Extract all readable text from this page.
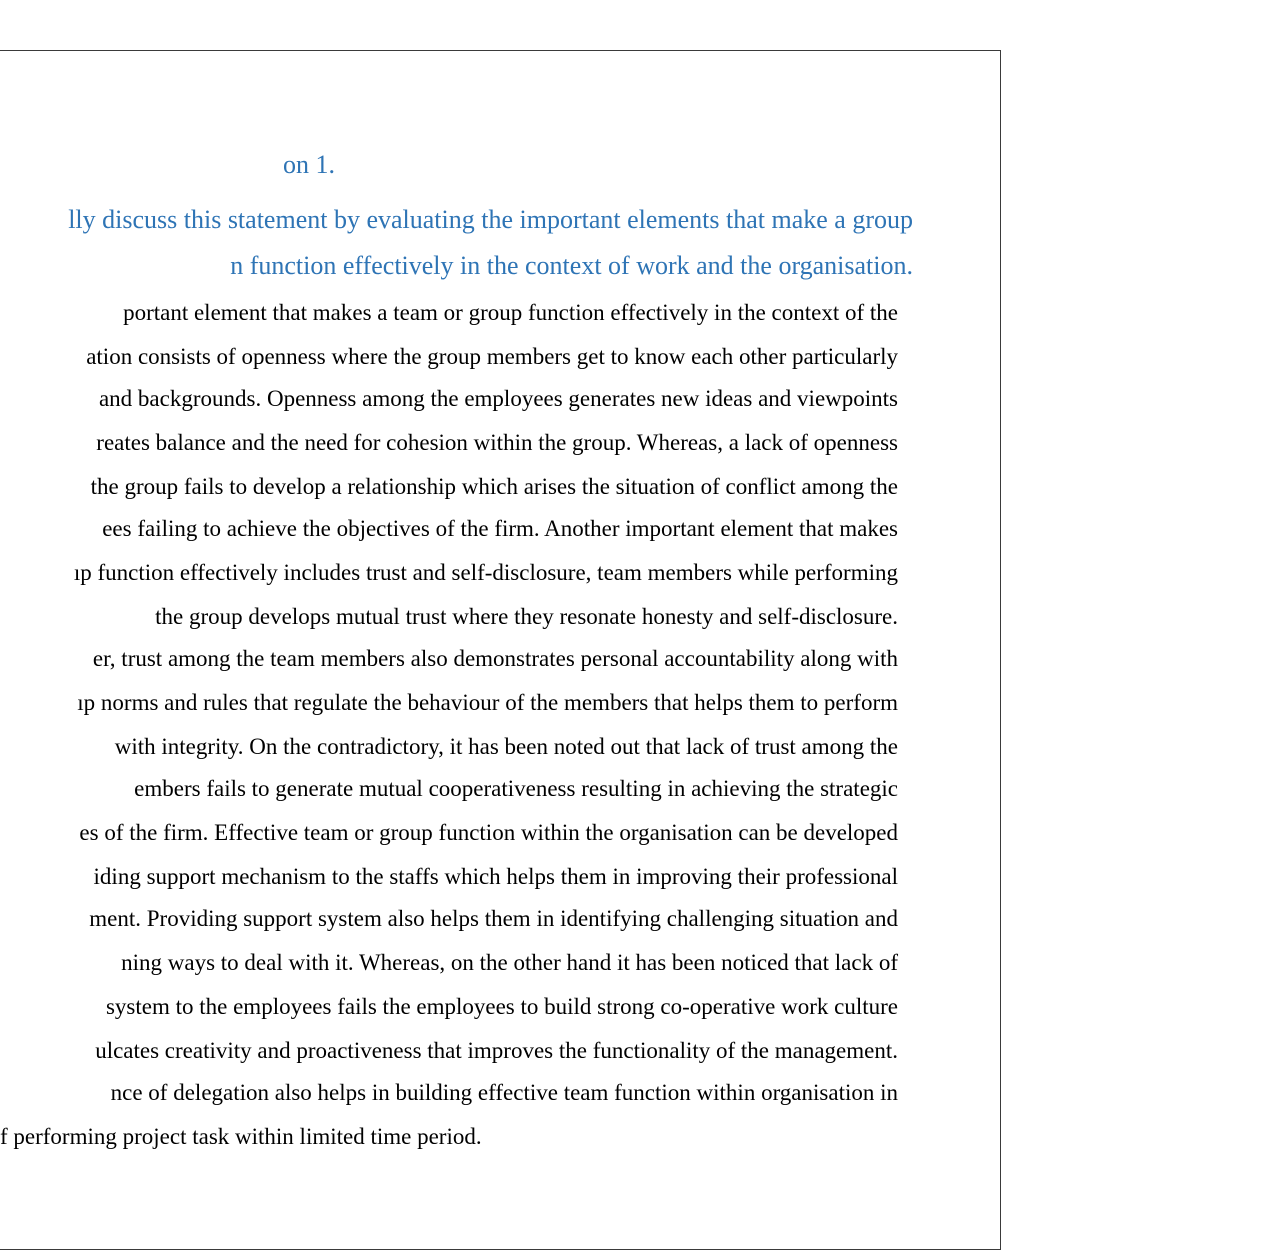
on 1.
lly discuss this statement by evaluating the important elements that make a group
n function effectively in the context of work and the organisation.

portant element that makes a team or group function effectively in the context of the

ation consists of openness where the group members get to know each other particularly

and backgrounds. Openness among the employees generates new ideas and viewpoints

reates balance and the need for cohesion within the group. Whereas, a lack of openness

the group fails to develop a relationship which arises the situation of conflict among the

ees failing to achieve the objectives of the firm. Another important element that makes

ıp function effectively includes trust and self-disclosure, team members while performing

the group develops mutual trust where they resonate honesty and self-disclosure.

er, trust among the team members also demonstrates personal accountability along with

ıp norms and rules that regulate the behaviour of the members that helps them to perform

with integrity. On the contradictory, it has been noted out that lack of trust among the

embers fails to generate mutual cooperativeness resulting in achieving the strategic

es of the firm. Effective team or group function within the organisation can be developed

iding support mechanism to the staffs which helps them in improving their professional

ment. Providing support system also helps them in identifying challenging situation and

ning ways to deal with it. Whereas, on the other hand it has been noticed that lack of

system to the employees fails the employees to build strong co-operative work culture

ulcates creativity and proactiveness that improves the functionality of the management.

nce of delegation also helps in building effective team function within organisation in

f performing project task within limited time period.
